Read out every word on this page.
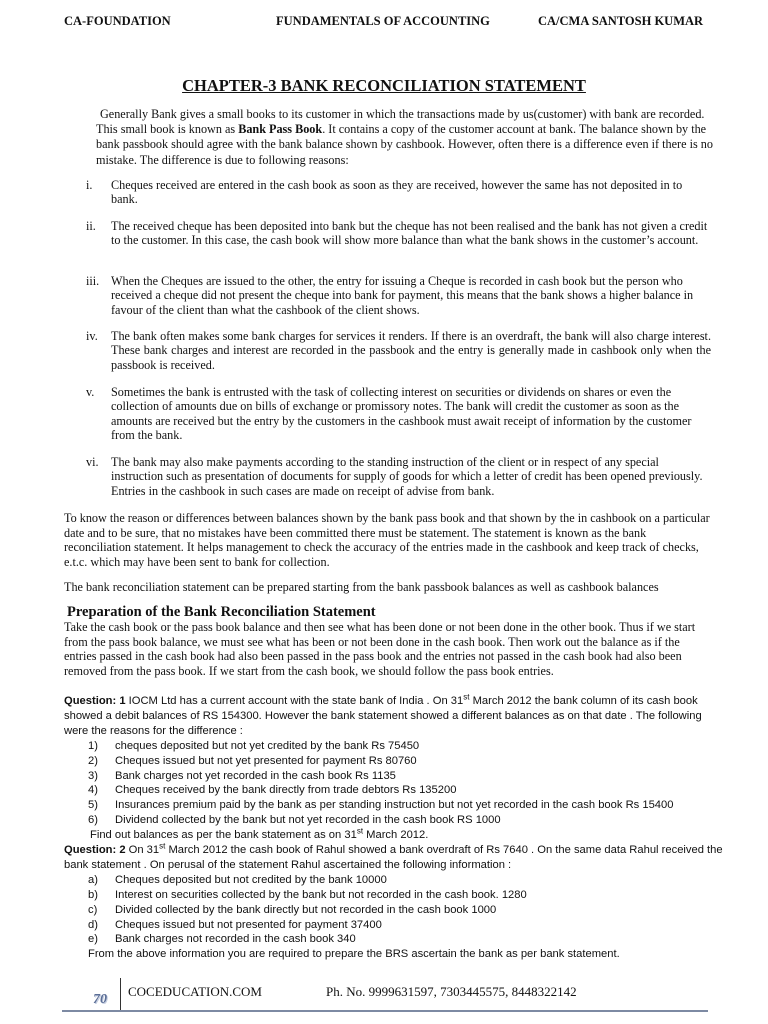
CA-FOUNDATION	FUNDAMENTALS OF ACCOUNTING	CA/CMA SANTOSH KUMAR
CHAPTER-3 BANK RECONCILIATION STATEMENT
Generally Bank gives a small books to its customer in which the transactions made by us(customer) with bank are recorded. This small book is known as Bank Pass Book. It contains a copy of the customer account at bank. The balance shown by the bank passbook should agree with the bank balance shown by cashbook. However, often there is a difference even if there is no mistake. The difference is due to following reasons:
i. Cheques received are entered in the cash book as soon as they are received, however the same has not deposited in to bank.
ii. The received cheque has been deposited into bank but the cheque has not been realised and the bank has not given a credit to the customer. In this case, the cash book will show more balance than what the bank shows in the customer’s account.
iii. When the Cheques are issued to the other, the entry for issuing a Cheque is recorded in cash book but the person who received a cheque did not present the cheque into bank for payment, this means that the bank shows a higher balance in favour of the client than what the cashbook of the client shows.
iv. The bank often makes some bank charges for services it renders. If there is an overdraft, the bank will also charge interest. These bank charges and interest are recorded in the passbook and the entry is generally made in cashbook only when the passbook is received.
v. Sometimes the bank is entrusted with the task of collecting interest on securities or dividends on shares or even the collection of amounts due on bills of exchange or promissory notes. The bank will credit the customer as soon as the amounts are received but the entry by the customers in the cashbook must await receipt of information by the customer from the bank.
vi. The bank may also make payments according to the standing instruction of the client or in respect of any special instruction such as presentation of documents for supply of goods for which a letter of credit has been opened previously. Entries in the cashbook in such cases are made on receipt of advise from bank.
To know the reason or differences between balances shown by the bank pass book and that shown by the in cashbook on a particular date and to be sure, that no mistakes have been committed there must be statement. The statement is known as the bank reconciliation statement. It helps management to check the accuracy of the entries made in the cashbook and keep track of checks, e.t.c. which may have been sent to bank for collection.
The bank reconciliation statement can be prepared starting from the bank passbook balances as well as cashbook balances
Preparation of the Bank Reconciliation Statement
Take the cash book or the pass book balance and then see what has been done or not been done in the other book. Thus if we start from the pass book balance, we must see what has been or not been done in the cash book. Then work out the balance as if the entries passed in the cash book had also been passed in the pass book and the entries not passed in the cash book had also been removed from the pass book. If we start from the cash book, we should follow the pass book entries.
Question: 1 IOCM Ltd has a current account with the state bank of India . On 31st March 2012 the bank column of its cash book showed a debit balances of RS 154300. However the bank statement showed a different balances as on that date . The following were the reasons for the difference :
1) cheques deposited but not yet credited by the bank Rs 75450
2) Cheques issued but not yet presented for payment Rs 80760
3) Bank charges not yet recorded in the cash book Rs 1135
4) Cheques received by the bank directly from trade debtors Rs 135200
5) Insurances premium paid by the bank as per standing instruction but not yet recorded in the cash book Rs 15400
6) Dividend collected by the bank but not yet recorded in the cash book RS 1000
Find out balances as per the bank statement as on 31st March 2012.
Question: 2 On 31st March 2012 the cash book of Rahul showed a bank overdraft of Rs 7640 . On the same data Rahul received the bank statement . On perusal of the statement Rahul ascertained the following information :
a) Cheques deposited but not credited by the bank 10000
b) Interest on securities collected by the bank but not recorded in the cash book. 1280
c) Divided collected by the bank directly but not recorded in the cash book 1000
d) Cheques issued but not presented for payment 37400
e) Bank charges not recorded in the cash book 340
From the above information you are required to prepare the BRS ascertain the bank as per bank statement.
70
COCEDUCATION.COM	Ph. No. 9999631597, 7303445575, 8448322142
